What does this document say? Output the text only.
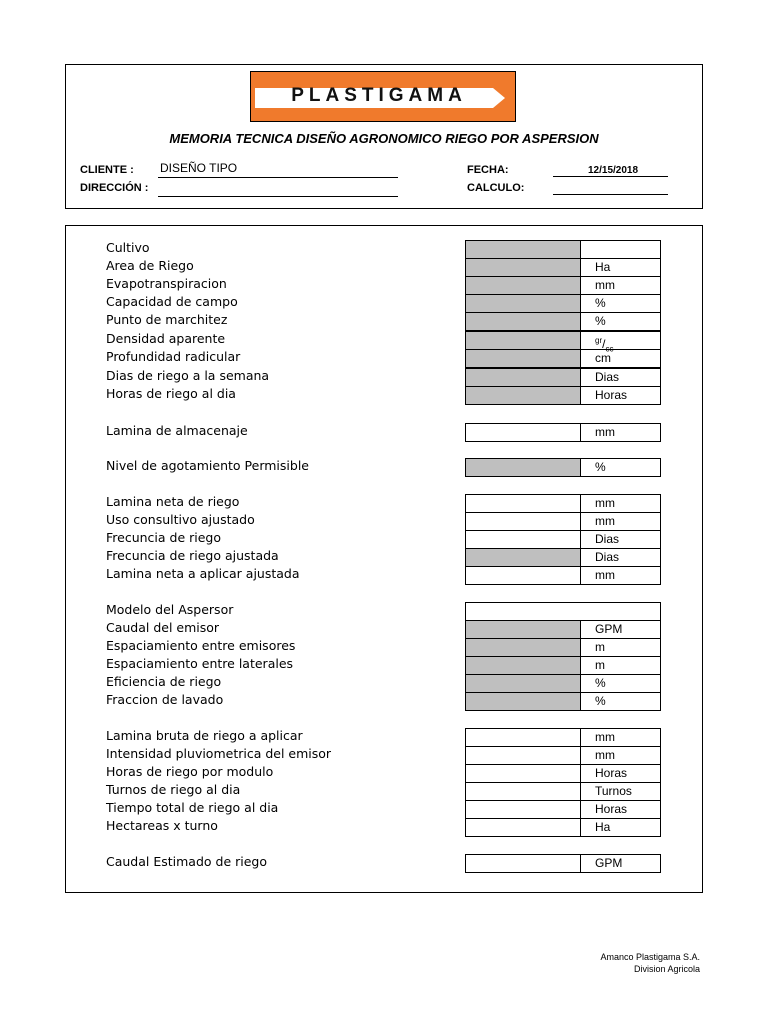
PLASTIGAMA
MEMORIA TECNICA DISEÑO AGRONOMICO RIEGO POR ASPERSION
CLIENTE : DISEÑO TIPO
DIRECCIÓN :
FECHA:	12/15/2018
CALCULO:
Cultivo
Area de Riego	Ha
Evapotranspiracion	mm
Capacidad de campo	%
Punto de marchitez	%
Densidad aparente	$^{gr}/_{cc}$
Profundidad radicular	cm
Dias de riego a la semana	Dias
Horas de riego al dia	Horas
Lamina de almacenaje	mm
Nivel de agotamiento Permisible	%
Lamina neta de riego	mm
Uso consultivo ajustado	mm
Frecuncia de riego	Dias
Frecuncia de riego ajustada	Dias
Lamina neta a aplicar ajustada	mm
Modelo del Aspersor
Caudal del emisor	GPM
Espaciamiento entre emisores	m
Espaciamiento entre laterales	m
Eficiencia de riego	%
Fraccion de lavado	%
Lamina bruta de riego a aplicar	mm
Intensidad pluviometrica del emisor	mm
Horas de riego por modulo	Horas
Turnos de riego al dia	Turnos
Tiempo total de riego al dia	Horas
Hectareas x turno	Ha
Caudal Estimado de riego	GPM
Amanco Plastigama S.A.
Division Agricola
